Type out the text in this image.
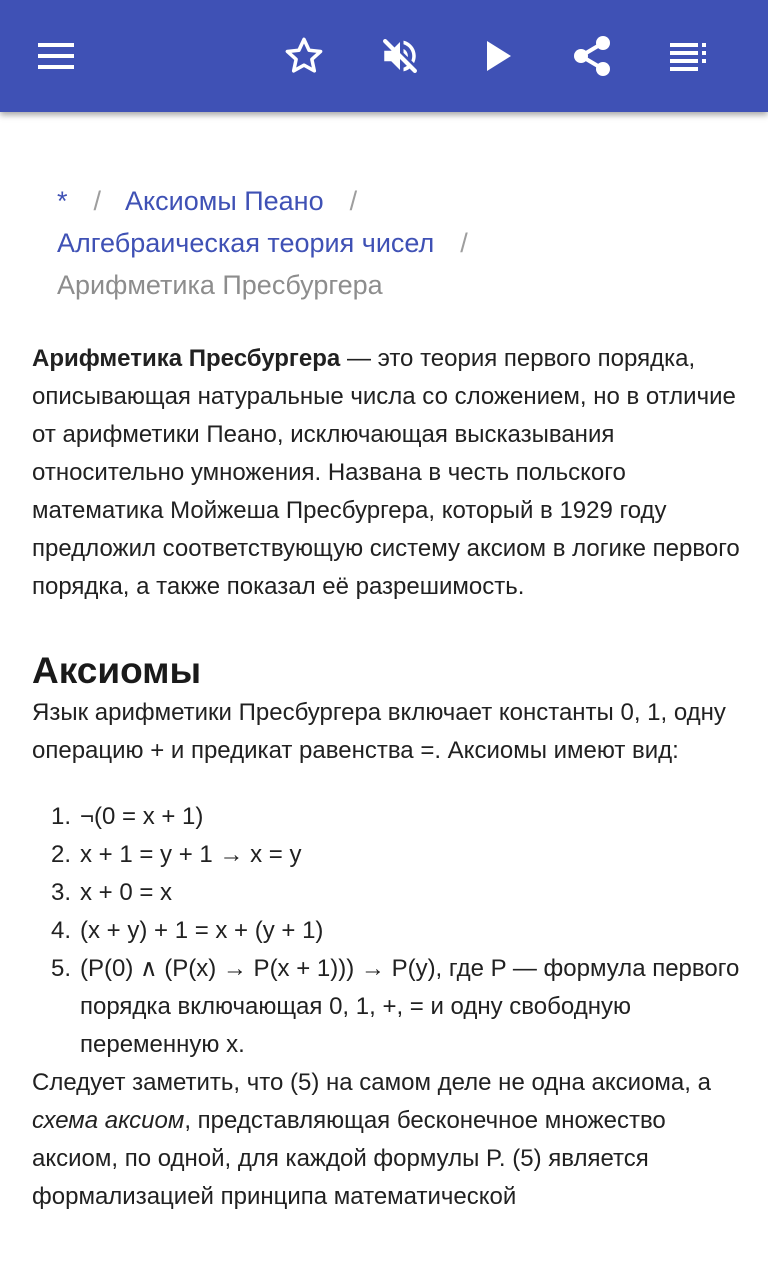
* / Аксиомы Пеано /
Алгебраическая теория чисел /
Арифметика Пресбургера

Арифметика Пресбургера — это теория первого порядка, описывающая натуральные числа со сложением, но в отличие от арифметики Пеано, исключающая высказывания относительно умножения. Названа в честь польского математика Мойжеша Пресбургера, который в 1929 году предложил соответствующую систему аксиом в логике первого порядка, а также показал её разрешимость.

Аксиомы

Язык арифметики Пресбургера включает константы 0, 1, одну операцию + и предикат равенства =. Аксиомы имеют вид:

¬(0 = x + 1)
x + 1 = y + 1 → x = y
x + 0 = x
(x + y) + 1 = x + (y + 1)
(P(0) ∧ (P(x) → P(x + 1))) → P(y), где P — формула первого порядка включающая 0, 1, +, = и одну свободную переменную x.

Следует заметить, что (5) на самом деле не одна аксиома, а схема аксиом, представляющая бесконечное множество аксиом, по одной, для каждой формулы P. (5) является формализацией принципа математической
